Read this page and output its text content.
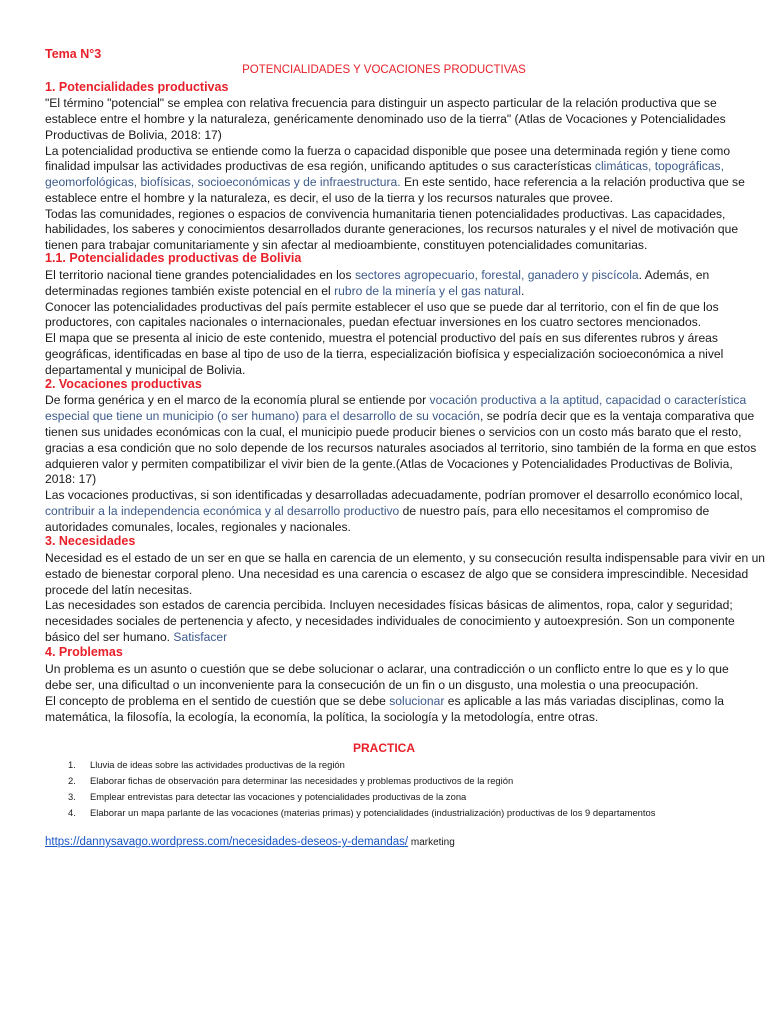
Tema N°3
POTENCIALIDADES Y VOCACIONES PRODUCTIVAS
1. Potencialidades productivas
"El término "potencial" se emplea con relativa frecuencia para distinguir un aspecto particular de la relación productiva que se
establece entre el hombre y la naturaleza, genéricamente denominado uso de la tierra" (Atlas de Vocaciones y Potencialidades
Productivas de Bolivia, 2018: 17)
La potencialidad productiva se entiende como la fuerza o capacidad disponible que posee una determinada región y tiene como
finalidad impulsar las actividades productivas de esa región, unificando aptitudes o sus características climáticas, topográficas,
geomorfológicas, biofísicas, socioeconómicas y de infraestructura. En este sentido, hace referencia a la relación productiva que se
establece entre el hombre y la naturaleza, es decir, el uso de la tierra y los recursos naturales que provee.
Todas las comunidades, regiones o espacios de convivencia humanitaria tienen potencialidades productivas. Las capacidades,
habilidades, los saberes y conocimientos desarrollados durante generaciones, los recursos naturales y el nivel de motivación que
tienen para trabajar comunitariamente y sin afectar al medioambiente, constituyen potencialidades comunitarias.
1.1. Potencialidades productivas de Bolivia
El territorio nacional tiene grandes potencialidades en los sectores agropecuario, forestal, ganadero y piscícola. Además, en
determinadas regiones también existe potencial en el rubro de la minería y el gas natural.
Conocer las potencialidades productivas del país permite establecer el uso que se puede dar al territorio, con el fin de que los
productores, con capitales nacionales o internacionales, puedan efectuar inversiones en los cuatro sectores mencionados.
El mapa que se presenta al inicio de este contenido, muestra el potencial productivo del país en sus diferentes rubros y áreas
geográficas, identificadas en base al tipo de uso de la tierra, especialización biofísica y especialización socioeconómica a nivel
departamental y municipal de Bolivia.
2. Vocaciones productivas
De forma genérica y en el marco de la economía plural se entiende por vocación productiva a la aptitud, capacidad o característica
especial que tiene un municipio (o ser humano) para el desarrollo de su vocación, se podría decir que es la ventaja comparativa que
tienen sus unidades económicas con la cual, el municipio puede producir bienes o servicios con un costo más barato que el resto,
gracias a esa condición que no solo depende de los recursos naturales asociados al territorio, sino también de la forma en que estos
adquieren valor y permiten compatibilizar el vivir bien de la gente.(Atlas de Vocaciones y Potencialidades Productivas de Bolivia,
2018: 17)
Las vocaciones productivas, si son identificadas y desarrolladas adecuadamente, podrían promover el desarrollo económico local,
contribuir a la independencia económica y al desarrollo productivo de nuestro país, para ello necesitamos el compromiso de
autoridades comunales, locales, regionales y nacionales.
3. Necesidades
Necesidad es el estado de un ser en que se halla en carencia de un elemento, y su consecución resulta indispensable para vivir en un
estado de bienestar corporal pleno. Una necesidad es una carencia o escasez de algo que se considera imprescindible. Necesidad
procede del latín necesitas.
Las necesidades son estados de carencia percibida. Incluyen necesidades físicas básicas de alimentos, ropa, calor y seguridad;
necesidades sociales de pertenencia y afecto, y necesidades individuales de conocimiento y autoexpresión. Son un componente
básico del ser humano. Satisfacer
4. Problemas
Un problema es un asunto o cuestión que se debe solucionar o aclarar, una contradicción o un conflicto entre lo que es y lo que
debe ser, una dificultad o un inconveniente para la consecución de un fin o un disgusto, una molestia o una preocupación.
El concepto de problema en el sentido de cuestión que se debe solucionar es aplicable a las más variadas disciplinas, como la
matemática, la filosofía, la ecología, la economía, la política, la sociología y la metodología, entre otras.
PRACTICA
1. Lluvia de ideas sobre las actividades productivas de la región
2. Elaborar fichas de observación para determinar las necesidades y problemas productivos de la región
3. Emplear entrevistas para detectar las vocaciones y potencialidades productivas de la zona
4. Elaborar un mapa parlante de las vocaciones (materias primas) y potencialidades (industrialización) productivas de los 9 departamentos
https://dannysavago.wordpress.com/necesidades-deseos-y-demandas/ marketing
